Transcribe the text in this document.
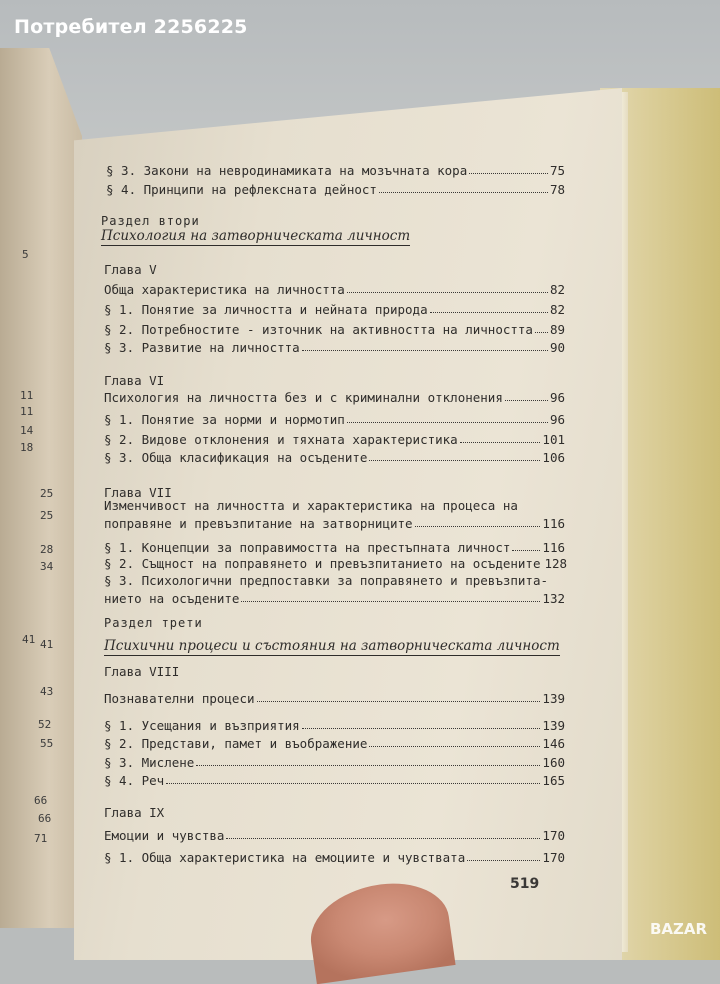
Потребител 2256225
5
11
11
14
18
25
25
28
34
41 41
43
52
55
66
66
71
§ 3. Закони на невродинамиката на мозъчната кора	75
§ 4. Принципи на рефлексната дейност	78
Раздел втори
Психология на затворническата личност
Глава V
Обща характеристика на личността	82
§ 1. Понятие за личността и нейната природа	82
§ 2. Потребностите - източник на активността на личността 89
§ 3. Развитие на личността	90
Глава VI
Психология на личността без и с криминални отклонения	96
§ 1. Понятие за норми и нормотип	96
§ 2. Видове отклонения и тяхната характеристика	101
§ 3. Обща класификация на осъдените	106
Глава VII
Изменчивост на личността и характеристика на процеса на
поправяне и превъзпитание на затворниците	116
§ 1. Концепции за поправимостта на престъпната личност	116
§ 2. Същност на поправянето и превъзпитанието на осъдените 128
§ 3. Психологични предпоставки за поправянето и превъзпита-
нието на осъдените	132
Раздел трети
Психични процеси и състояния на затворническата личност
Глава VIII
Познавателни процеси	139
§ 1. Усещания и възприятия	139
§ 2. Представи, памет и въображение	146
§ 3. Мислене	160
§ 4. Реч	165
Глава IX
Емоции и чувства	170
§ 1. Обща характеристика на емоциите и чувствата	170
519
BAZAR
